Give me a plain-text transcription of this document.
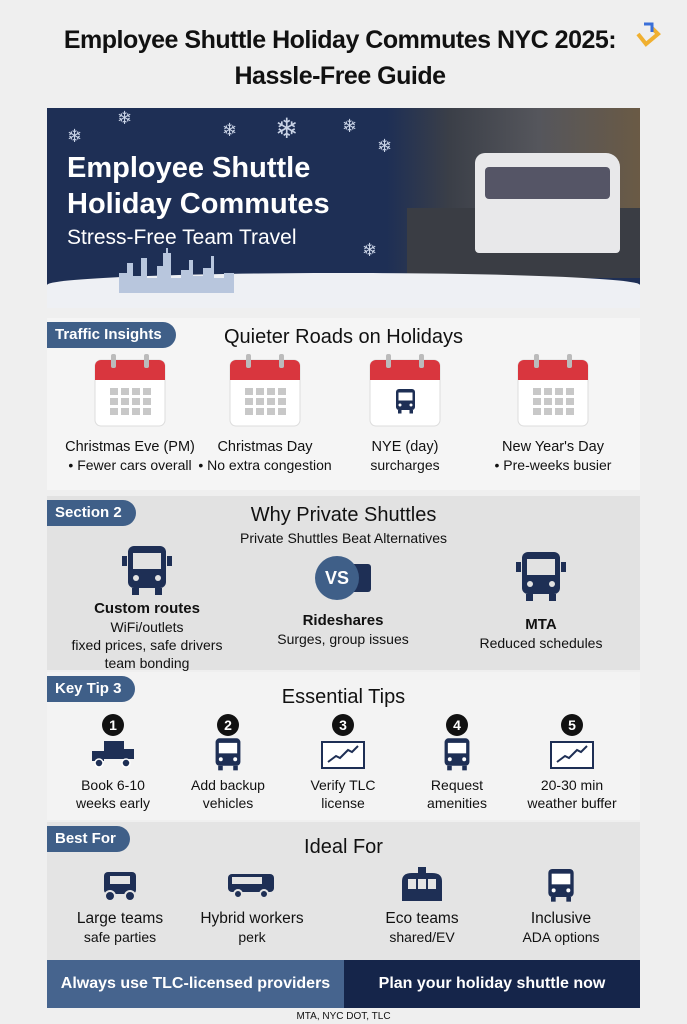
Employee Shuttle Holiday Commutes NYC 2025: Hassle-Free Guide
❄
❄
❄ ❄ ❄
❄
❄
Employee Shuttle
Holiday Commutes
Stress-Free Team Travel
Traffic Insights	Quieter Roads on Holidays
Christmas Eve (PM)
• Fewer cars overall
Christmas Day
• No extra congestion
NYE (day)
surcharges
New Year's Day
• Pre-weeks busier
Section 2	Why Private Shuttles
Private Shuttles Beat Alternatives
Custom routes
WiFi/outlets
fixed prices, safe drivers
team bonding
VS
Rideshares
Surges, group issues
MTA
Reduced schedules
Key Tip 3	Essential Tips
1
Book 6-10
weeks early
2
Add backup
vehicles
3
Verify TLC
license
4
Request
amenities
5
20-30 min
weather buffer
Best For	Ideal For
Large teams
safe parties
Hybrid workers
perk
Eco teams
shared/EV
Inclusive
ADA options
Always use TLC-licensed providers	Plan your holiday shuttle now
MTA, NYC DOT, TLC
